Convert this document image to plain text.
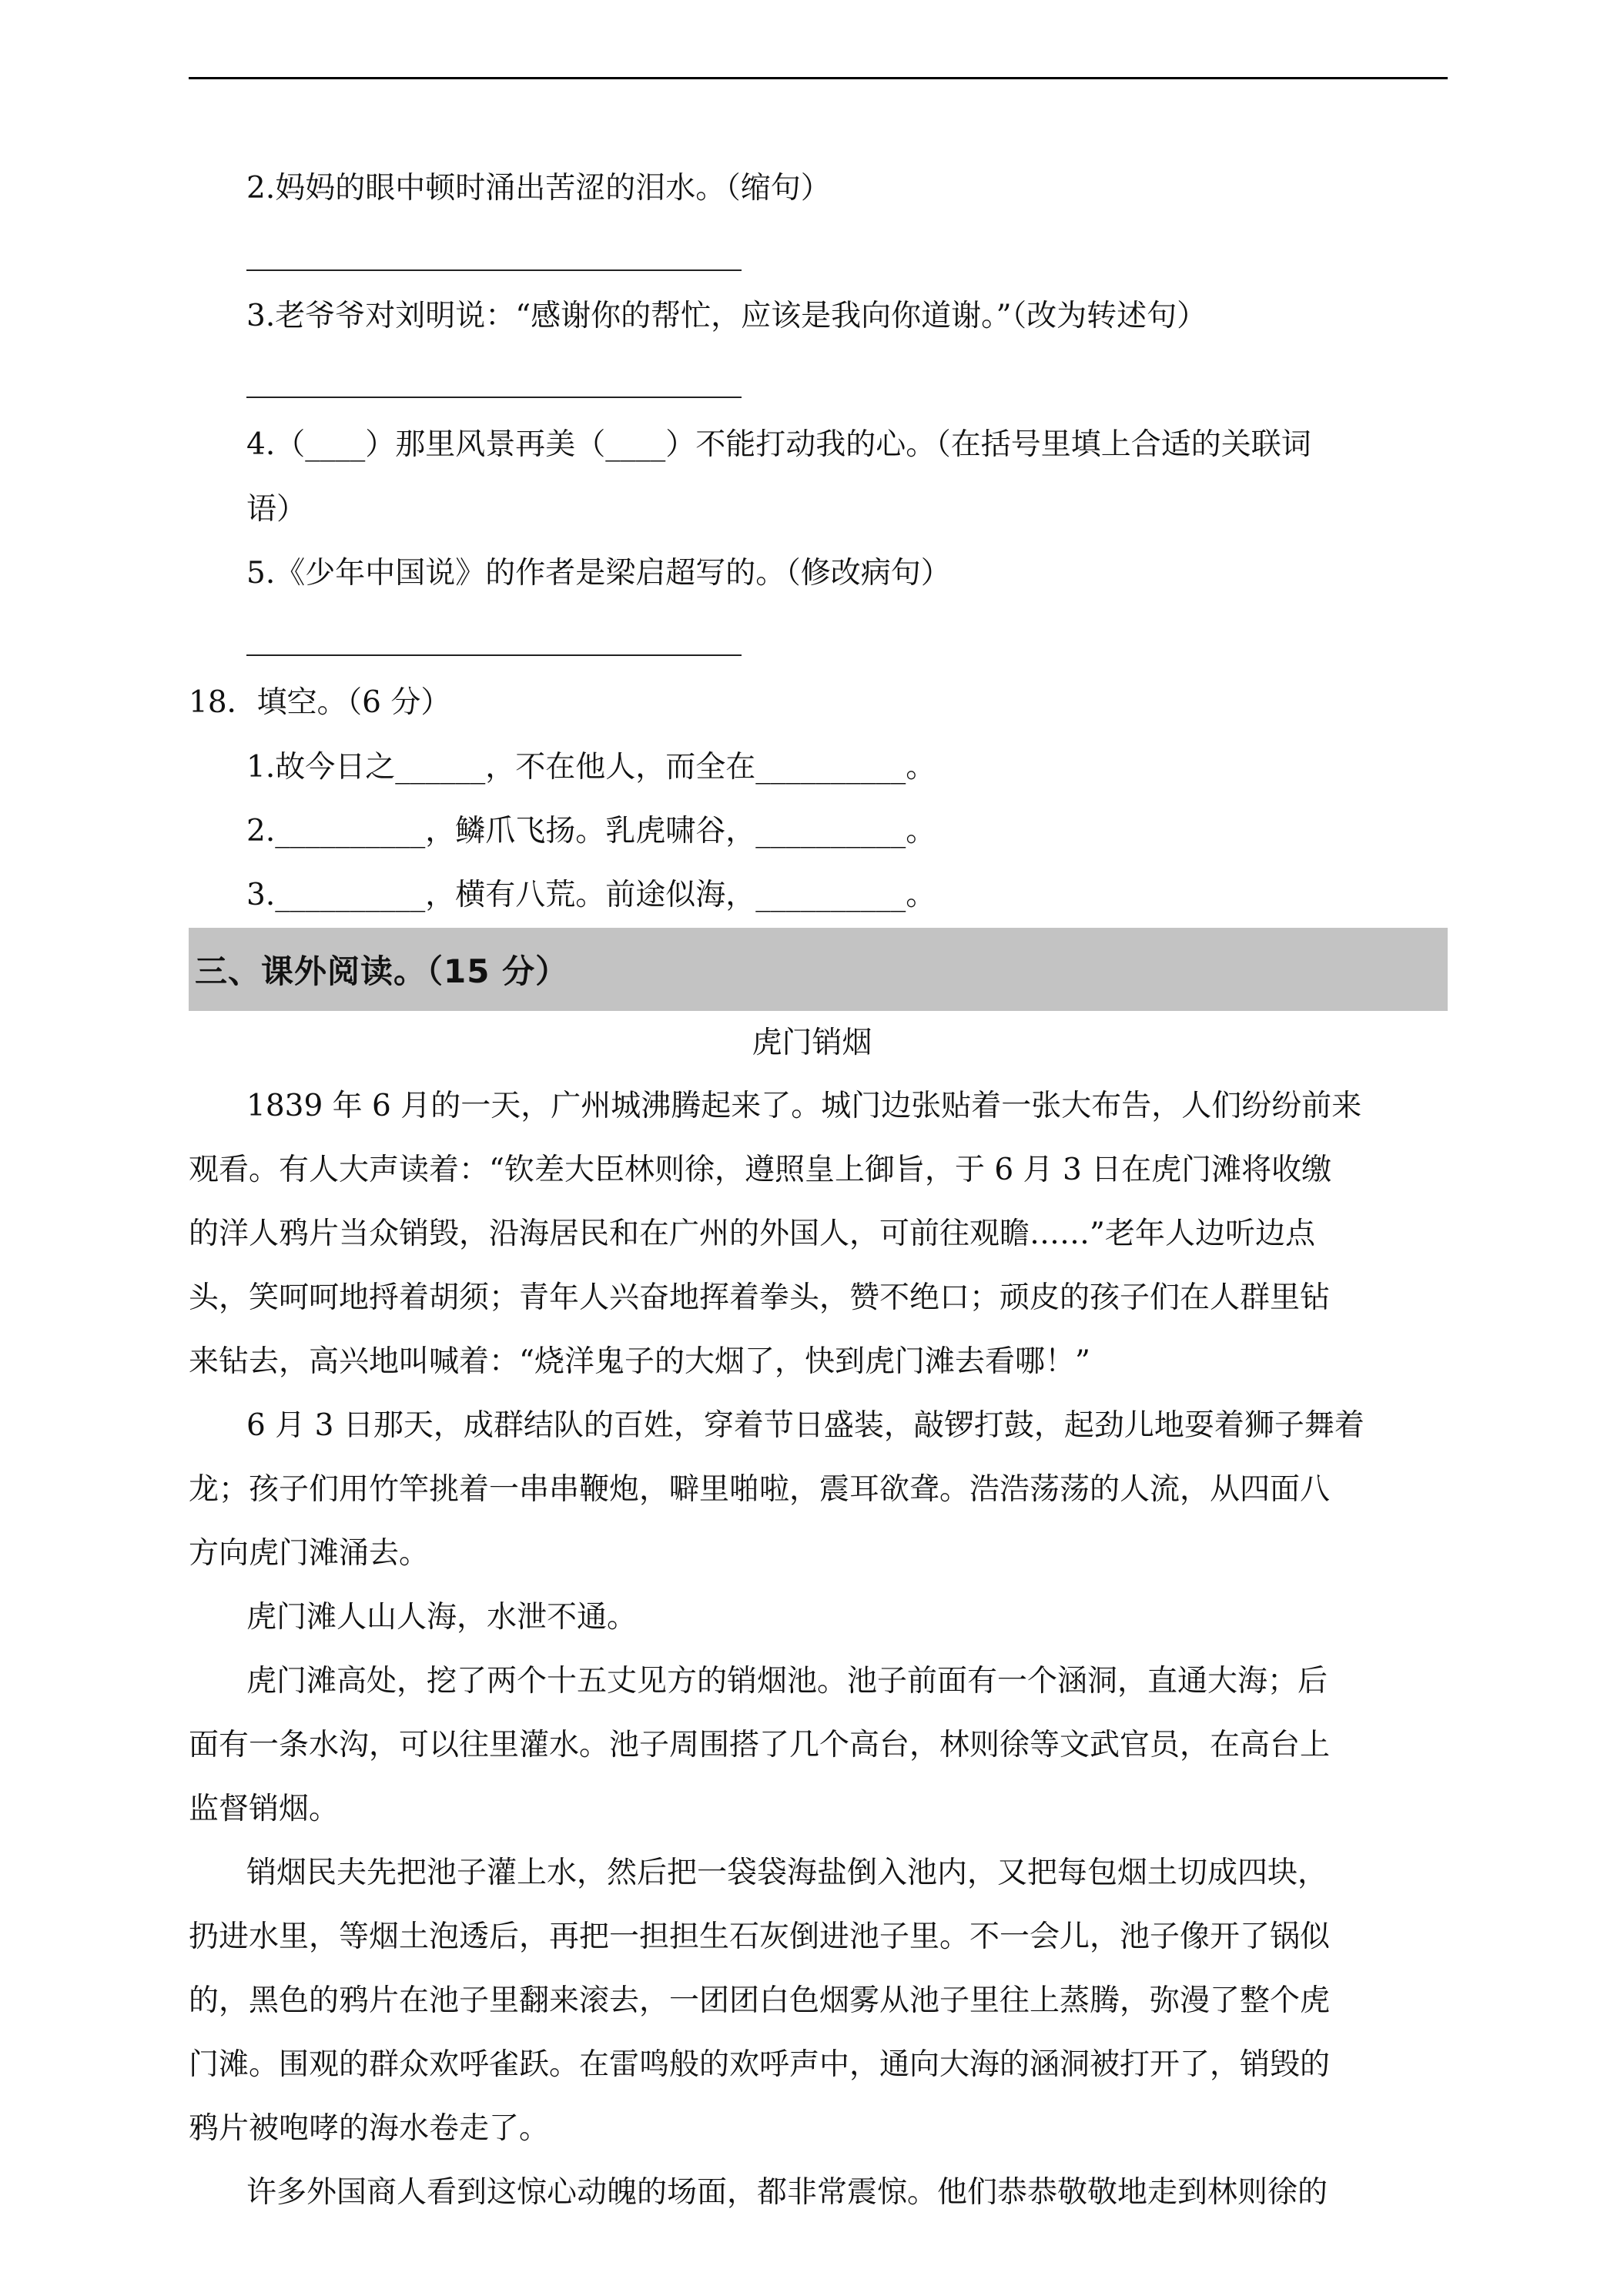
2.妈妈的眼中顿时涌出苦涩的泪水。（缩句）
3.老爷爷对刘明说：“感谢你的帮忙，应该是我向你道谢。”（改为转述句）
4.（____）那里风景再美（____）不能打动我的心。（在括号里填上合适的关联词
语）
5.《少年中国说》的作者是梁启超写的。（修改病句）
18．填空。（6 分）
1.故今日之______，不在他人，而全在__________。
2.__________，鳞爪飞扬。乳虎啸谷，__________。
3.__________，横有八荒。前途似海，__________。
三、课外阅读。（15 分）
虎门销烟
1839 年 6 月的一天，广州城沸腾起来了。城门边张贴着一张大布告，人们纷纷前来
观看。有人大声读着：“钦差大臣林则徐，遵照皇上御旨，于 6 月 3 日在虎门滩将收缴
的洋人鸦片当众销毁，沿海居民和在广州的外国人，可前往观瞻……”老年人边听边点
头，笑呵呵地捋着胡须；青年人兴奋地挥着拳头，赞不绝口；顽皮的孩子们在人群里钻
来钻去，高兴地叫喊着：“烧洋鬼子的大烟了，快到虎门滩去看哪！”
6 月 3 日那天，成群结队的百姓，穿着节日盛装，敲锣打鼓，起劲儿地耍着狮子舞着
龙；孩子们用竹竿挑着一串串鞭炮，噼里啪啦，震耳欲聋。浩浩荡荡的人流，从四面八
方向虎门滩涌去。
虎门滩人山人海，水泄不通。
虎门滩高处，挖了两个十五丈见方的销烟池。池子前面有一个涵洞，直通大海；后
面有一条水沟，可以往里灌水。池子周围搭了几个高台，林则徐等文武官员，在高台上
监督销烟。
销烟民夫先把池子灌上水，然后把一袋袋海盐倒入池内，又把每包烟土切成四块，
扔进水里，等烟土泡透后，再把一担担生石灰倒进池子里。不一会儿，池子像开了锅似
的，黑色的鸦片在池子里翻来滚去，一团团白色烟雾从池子里往上蒸腾，弥漫了整个虎
门滩。围观的群众欢呼雀跃。在雷鸣般的欢呼声中，通向大海的涵洞被打开了，销毁的
鸦片被咆哮的海水卷走了。
许多外国商人看到这惊心动魄的场面，都非常震惊。他们恭恭敬敬地走到林则徐的
